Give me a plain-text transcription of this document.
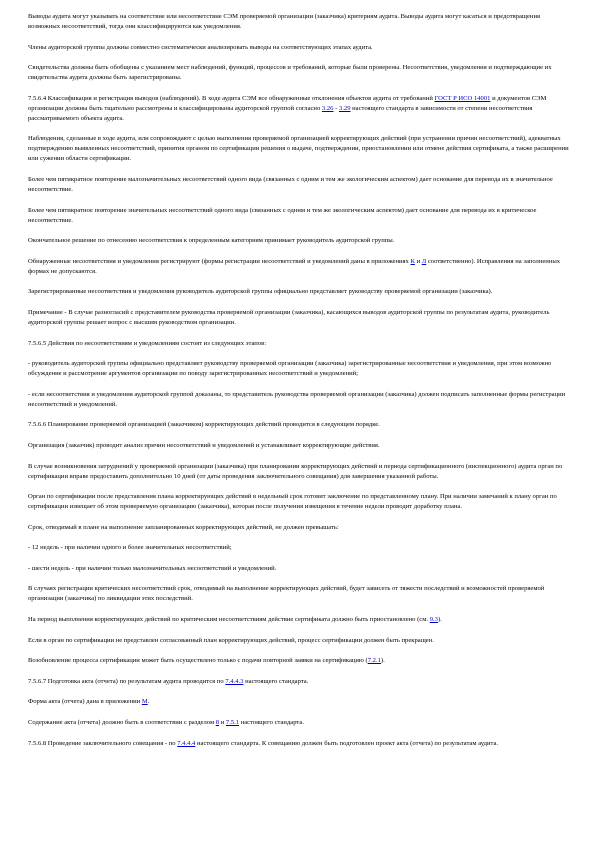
Выводы аудита могут указывать на соответствие или несоответствие СЭМ проверяемой организации (заказчика) критериям аудита. Выводы аудита могут касаться и предотвращения возможных несоответствий, тогда они классифицируются как уведомления.

Члены аудиторской группы должны совместно систематически анализировать выводы на соответствующих этапах аудита.

Свидетельства должны быть обобщены с указанием мест наблюдений, функций, процессов и требований, которые были проверены. Несоответствия, уведомления и подтверждающие их свидетельства аудита должны быть зарегистрированы.

7.5.6.4 Классификация и регистрация выводов (наблюдений). В ходе аудита СЭМ все обнаруженные отклонения объектов аудита от требований ГОСТ Р ИСО 14001 и документов СЭМ организации должны быть тщательно рассмотрены и классифицированы аудиторской группой согласно 3.26 - 3.29 настоящего стандарта в зависимости от степени несоответствия рассматриваемого объекта аудита.

Наблюдения, сделанные в ходе аудита, или сопровождают с целью выполнения проверяемой организацией корректирующих действий (при устранении причин несоответствий), адекватных подтверждению выявленных несоответствий, принятия органом по сертификации решения о выдаче, подтверждении, приостановлении или отмене действия сертификата, а также расширении или сужении области сертификации.

Более чем пятикратное повторение малозначительных несоответствий одного вида (связанных с одним и тем же экологическим аспектом) дает основание для перевода их в значительное несоответствие.

Более чем пятикратное повторение значительных несоответствий одного вида (связанных с одним и тем же экологическим аспектом) дает основание для перевода их в критическое несоответствие.

Окончательное решение по отнесению несоответствия к определенным категориям принимает руководитель аудиторской группы.

Обнаруженные несоответствия и уведомления регистрируют (формы регистрации несоответствий и уведомлений даны в приложениях К и Л соответственно). Исправления на заполненных формах не допускаются.

Зарегистрированные несоответствия и уведомления руководитель аудиторской группы официально представляет руководству проверяемой организации (заказчика).

Примечание - В случае разногласий с представителем руководства проверяемой организации (заказчика), касающихся выводов аудиторской группы по результатам аудита, руководитель аудиторской группы решает вопрос с высшим руководством организации.

7.5.6.5 Действия по несоответствиям и уведомлениям состоят из следующих этапов:

- руководитель аудиторской группы официально представляет руководству проверяемой организации (заказчика) зарегистрированные несоответствия и уведомления, при этом возможно обсуждение и рассмотрение аргументов организации по поводу зарегистрированных несоответствий и уведомлений;

- если несоответствия и уведомления аудиторской группой доказаны, то представитель руководства проверяемой организации (заказчика) должен подписать заполненные формы регистрации несоответствий и уведомлений.

7.5.6.6 Планирование проверяемой организацией (заказчиком) корректирующих действий проводится в следующем порядке.

Организация (заказчик) проводит анализ причин несоответствий и уведомлений и устанавливает корректирующие действия.

В случае возникновения затруднений у проверяемой организации (заказчика) при планировании корректирующих действий и периода сертификационного (инспекционного) аудита орган по сертификации вправе предоставить дополнительно 10 дней (от даты проведения заключительного совещания) для завершения указанной работы.

Орган по сертификации после представления плана корректирующих действий в недельный срок готовит заключение по представленному плану. При наличии замечаний к плану орган по сертификации извещает об этом проверяемую организацию (заказчика), которая после получения извещения в течение недели проводит доработку плана.

Срок, отводимый в плане на выполнение запланированных корректирующих действий, не должен превышать:

- 12 недель - при наличии одного и более значительных несоответствий;

- шести недель - при наличии только малозначительных несоответствий и уведомлений.

В случаях регистрации критических несоответствий срок, отводимый на выполнение корректирующих действий, будет зависеть от тяжести последствий и возможностей проверяемой организации (заказчика) по ликвидации этих последствий.

На период выполнения корректирующих действий по критическим несоответствиям действие сертификата должно быть приостановлено (см. 9.3).

Если в орган по сертификации не представлен согласованный план корректирующих действий, процесс сертификации должен быть прекращен.

Возобновление процесса сертификации может быть осуществлено только с подачи повторной заявки на сертификацию (7.2.1).

7.5.6.7 Подготовка акта (отчета) по результатам аудита проводится по 7.4.4.3 настоящего стандарта.

Форма акта (отчета) дана в приложении М.

Содержание акта (отчета) должно быть в соответствии с разделом 8 и 7.5.1 настоящего стандарта.

7.5.6.8 Проведение заключительного совещания - по 7.4.4.4 настоящего стандарта. К совещанию должен быть подготовлен проект акта (отчета) по результатам аудита.
